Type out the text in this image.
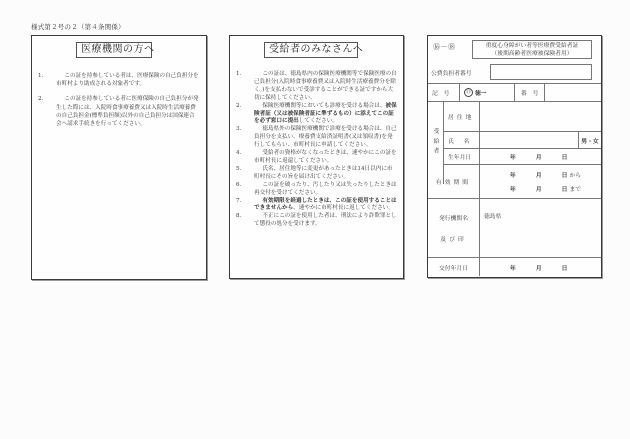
様式第２号の２（第４条関係）
医療機関の方へ
1.	この証を持参している者は、医療保険の自己負担分を市町村より助成される対象者です。
2.	この証を持参している者に医療保険の自己負担分が発生した際には、入院時食事療養費又は入院時生活療養費の自己負担金(標準負担額)以外の自己負担分は国保連合会へ請求手続きを行ってください。
受給者のみなさんへ
1.	この証は、徳島県内の保険医療機関等で保険医療の自己負担分(入院時食事療養費又は入院時生活療養費分を除く。)を支払わないで受診することができる証ですから大切に保持してください。
2.	保険医療機関等においても診療を受ける場合は、被保険者証（又は被保険者証に準ずるもの）に添えてこの証を必ず窓口に提出してください。
3.	徳島県外の保険医療機関で診療を受ける場合は、自己負担分を支払い、療養費支給済証明書(又は領収書)を発行してもらい、市町村長に申請してください。
4.	受給者の資格がなくなったときは、速やかにこの証を市町村長に返還してください。
5.	氏名、居住地等に変更があったときは14日以内に市町村長にその旨を届け出てください。
6.	この証を破ったり、汚したり又は失ったりしたときは再交付を受けてください。
7.	有効期限を経過したときは、この証を使用することはできませんから、速やかに市町村長に返してください。
8.	不正にこの証を使用した者は、刑法により詐欺罪として懲役の処分を受けます。
⑯－⑱	重度心身障がい者等医療費受給者証
（後期高齢者医療被保険者用）
公費負担者番号
記　号	⑪ 徳一	番　号
受給者
居住地
氏　名	男・女
生年月日	年	月	日
有効期間
年	月	日 から
年	月	日 まで
発行機関名
及び印
徳島県
交付年月日	年	月	日
